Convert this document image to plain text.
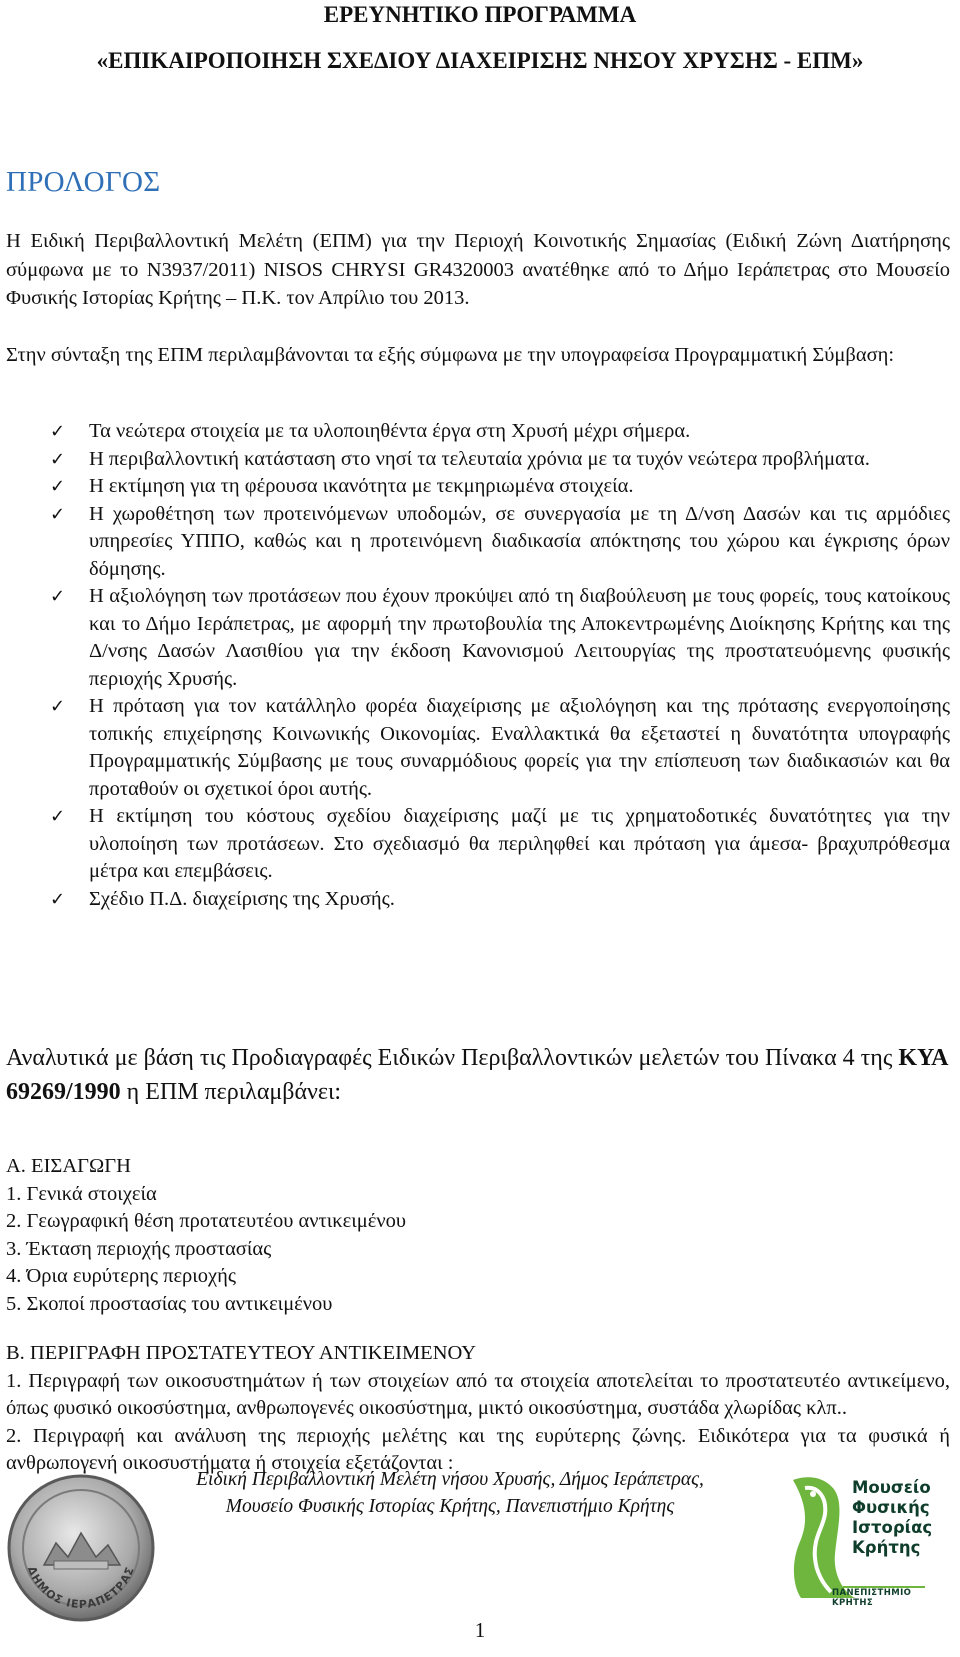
ΕΡΕΥΝΗΤΙΚΟ ΠΡΟΓΡΑΜΜΑ
«ΕΠΙΚΑΙΡΟΠΟΙΗΣΗ ΣΧΕΔΙΟΥ ΔΙΑΧΕΙΡΙΣΗΣ ΝΗΣΟΥ ΧΡΥΣΗΣ - ΕΠΜ»
ΠΡΟΛΟΓΟΣ
Η Ειδική Περιβαλλοντική Μελέτη (ΕΠΜ) για την Περιοχή Κοινοτικής Σημασίας (Ειδική Ζώνη Διατήρησης σύμφωνα με το Ν3937/2011) NISOS CHRYSI GR4320003 ανατέθηκε από το Δήμο Ιεράπετρας στο Μουσείο Φυσικής Ιστορίας Κρήτης – Π.Κ. τον Απρίλιο του 2013.
Στην σύνταξη της ΕΠΜ περιλαμβάνονται τα εξής σύμφωνα με την υπογραφείσα Προγραμματική Σύμβαση:
✓ Τα νεώτερα στοιχεία με τα υλοποιηθέντα έργα στη Χρυσή μέχρι σήμερα.
✓ Η περιβαλλοντική κατάσταση στο νησί τα τελευταία χρόνια με τα τυχόν νεώτερα προβλήματα.
✓ Η εκτίμηση για τη φέρουσα ικανότητα με τεκμηριωμένα στοιχεία.
✓ Η χωροθέτηση των προτεινόμενων υποδομών, σε συνεργασία με τη Δ/νση Δασών και τις αρμόδιες υπηρεσίες ΥΠΠΟ, καθώς και η προτεινόμενη διαδικασία απόκτησης του χώρου και έγκρισης όρων δόμησης.
✓ Η αξιολόγηση των προτάσεων που έχουν προκύψει από τη διαβούλευση με τους φορείς, τους κατοίκους και το Δήμο Ιεράπετρας, με αφορμή την πρωτοβουλία της Αποκεντρωμένης Διοίκησης Κρήτης και της Δ/νσης Δασών Λασιθίου για την έκδοση Κανονισμού Λειτουργίας της προστατευόμενης φυσικής περιοχής Χρυσής.
✓ Η πρόταση για τον κατάλληλο φορέα διαχείρισης με αξιολόγηση και της πρότασης ενεργοποίησης τοπικής επιχείρησης Κοινωνικής Οικονομίας. Εναλλακτικά θα εξεταστεί η δυνατότητα υπογραφής Προγραμματικής Σύμβασης με τους συναρμόδιους φορείς για την επίσπευση των διαδικασιών και θα προταθούν οι σχετικοί όροι αυτής.
✓ Η εκτίμηση του κόστους σχεδίου διαχείρισης μαζί με τις χρηματοδοτικές δυνατότητες για την υλοποίηση των προτάσεων. Στο σχεδιασμό θα περιληφθεί και πρόταση για άμεσα- βραχυπρόθεσμα μέτρα και επεμβάσεις.
✓ Σχέδιο Π.Δ. διαχείρισης της Χρυσής.
Αναλυτικά με βάση τις Προδιαγραφές Ειδικών Περιβαλλοντικών μελετών του Πίνακα 4 της ΚΥΑ 69269/1990 η ΕΠΜ περιλαμβάνει:
Α. ΕΙΣΑΓΩΓΗ
1. Γενικά στοιχεία
2. Γεωγραφική θέση προτατευτέου αντικειμένου
3. Έκταση περιοχής προστασίας
4. Όρια ευρύτερης περιοχής
5. Σκοποί προστασίας του αντικειμένου
Β. ΠΕΡΙΓΡΑΦΗ ΠΡΟΣΤΑΤΕΥΤΕΟΥ ΑΝΤΙΚΕΙΜΕΝΟΥ
1. Περιγραφή των οικοσυστημάτων ή των στοιχείων από τα στοιχεία αποτελείται το προστατευτέο αντικείμενο, όπως φυσικό οικοσύστημα, ανθρωπογενές οικοσύστημα, μικτό οικοσύστημα, συστάδα χλωρίδας κλπ..
2. Περιγραφή και ανάλυση της περιοχής μελέτης και της ευρύτερης ζώνης. Ειδικότερα για τα φυσικά ή ανθρωπογενή οικοσυστήματα ή στοιχεία εξετάζονται :
ΔΗΜΟΣ ΙΕΡΑΠΕΤΡΑΣ
Ειδική Περιβαλλοντική Μελέτη νήσου Χρυσής, Δήμος Ιεράπετρας,
Μουσείο Φυσικής Ιστορίας Κρήτης, Πανεπιστήμιο Κρήτης
Μουσείο
Φυσικής
Ιστορίας
Κρήτης
ΠΑΝΕΠΙΣΤΗΜΙΟ ΚΡΗΤΗΣ
1
